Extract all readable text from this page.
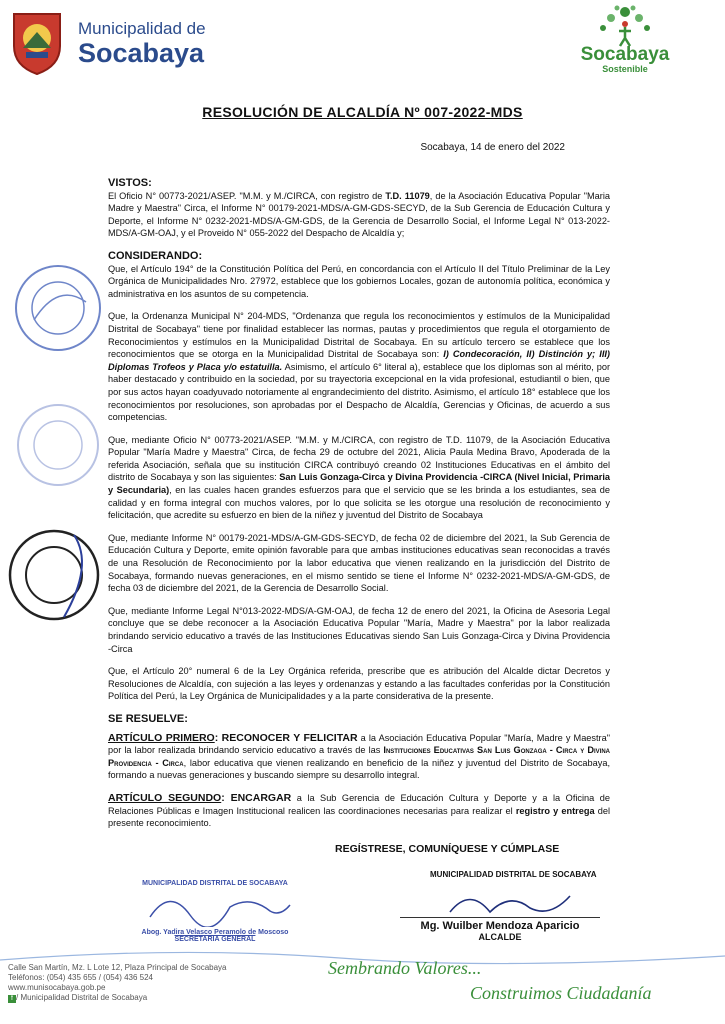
Municipalidad de
Socabaya	Socabaya
Sostenible
RESOLUCIÓN DE ALCALDÍA Nº 007-2022-MDS
Socabaya, 14 de enero del 2022

VISTOS:
El Oficio N° 00773-2021/ASEP. "M.M. y M./CIRCA, con registro de T.D. 11079, de la Asociación Educativa Popular "Maria Madre y Maestra" Circa, el Informe N° 00179-2021-MDS/A-GM-GDS-SECYD, de la Sub Gerencia de Educación Cultura y Deporte, el Informe N° 0232-2021-MDS/A-GM-GDS, de la Gerencia de Desarrollo Social, el Informe Legal N° 013-2022-MDS/A-GM-OAJ, y el Proveido N° 055-2022 del Despacho de Alcaldía y;

CONSIDERANDO:
Que, el Artículo 194° de la Constitución Política del Perú, en concordancia con el Artículo II del Título Preliminar de la Ley Orgánica de Municipalidades Nro. 27972, establece que los gobiernos Locales, gozan de autonomía política, económica y administrativa en los asuntos de su competencia.

Que, la Ordenanza Municipal N° 204-MDS, "Ordenanza que regula los reconocimientos y estímulos de la Municipalidad Distrital de Socabaya" tiene por finalidad establecer las normas, pautas y procedimientos que regula el otorgamiento de Reconocimientos y estímulos en la Municipalidad Distrital de Socabaya. En su artículo tercero se establece que los reconocimientos que se otorga en la Municipalidad Distrital de Socabaya son: I) Condecoración, II) Distinción y; III) Diplomas Trofeos y Placa y/o estatuilla. Asimismo, el artículo 6° literal a), establece que los diplomas son al mérito, por haber destacado y contribuido en la sociedad, por su trayectoria excepcional en la vida profesional, estudiantil o bien, que por sus actos hayan coadyuvado notoriamente al engrandecimiento del distrito. Asimismo, el artículo 18° establece que los reconocimientos por resoluciones, son aprobadas por el Despacho de Alcaldía, Gerencias y Oficinas, de acuerdo a sus competencias.

Que, mediante Oficio N° 00773-2021/ASEP. "M.M. y M./CIRCA, con registro de T.D. 11079, de la Asociación Educativa Popular "María Madre y Maestra" Circa, de fecha 29 de octubre del 2021, Alicia Paula Medina Bravo, Apoderada de la referida Asociación, señala que su institución CIRCA contribuyó creando 02 Instituciones Educativas en el ámbito del distrito de Socabaya y son las siguientes: San Luis Gonzaga-Circa y Divina Providencia -CIRCA (Nivel Inicial, Primaria y Secundaria), en las cuales hacen grandes esfuerzos para que el servicio que se les brinda a los estudiantes, sea de calidad y en forma integral con muchos valores, por lo que solicita se les otorgue una resolución de reconocimiento y felicitación, que acredite su esfuerzo en bien de la niñez y juventud del Distrito de Socabaya

Que, mediante Informe N° 00179-2021-MDS/A-GM-GDS-SECYD, de fecha 02 de diciembre del 2021, la Sub Gerencia de Educación Cultura y Deporte, emite opinión favorable para que ambas instituciones educativas sean reconocidas a través de una Resolución de Reconocimiento por la labor educativa que vienen realizando en la jurisdicción del Distrito de Socabaya, formando nuevas generaciones, en el mismo sentido se tiene el Informe N° 0232-2021-MDS/A-GM-GDS, de fecha 03 de diciembre del 2021, de la Gerencia de Desarrollo Social.

Que, mediante Informe Legal N°013-2022-MDS/A-GM-OAJ, de fecha 12 de enero del 2021, la Oficina de Asesoria Legal concluye que se debe reconocer a la Asociación Educativa Popular "María, Madre y Maestra" por la labor realizada brindando servicio educativo a través de las Instituciones Educativas siendo San Luis Gonzaga-Circa y Divina Providencia -Circa

Que, el Artículo 20° numeral 6 de la Ley Orgánica referida, prescribe que es atribución del Alcalde dictar Decretos y Resoluciones de Alcaldía, con sujeción a las leyes y ordenanzas y estando a las facultades conferidas por la Constitución Política del Perú, la Ley Orgánica de Municipalidades y a la parte considerativa de la presente.

SE RESUELVE:

ARTÍCULO PRIMERO: RECONOCER Y FELICITAR a la Asociación Educativa Popular "María, Madre y Maestra" por la labor realizada brindando servicio educativo a través de las Instituciones Educativas San Luis Gonzaga - Circa y Divina Providencia - Circa, labor educativa que vienen realizando en beneficio de la niñez y juventud del Distrito de Socabaya, formando a nuevas generaciones y buscando siempre su desarrollo integral.

ARTÍCULO SEGUNDO: ENCARGAR a la Sub Gerencia de Educación Cultura y Deporte y a la Oficina de Relaciones Públicas e Imagen Institucional realicen las coordinaciones necesarias para realizar el registro y entrega del presente reconocimiento.

REGÍSTRESE, COMUNÍQUESE Y CÚMPLASE
MUNICIPALIDAD DISTRITAL DE SOCABAYA
Abog. Yadira Velasco Peramolo de Moscoso
SECRETARIA GENERAL
MUNICIPALIDAD DISTRITAL DE SOCABAYA
Mg. Wuilber Mendoza Aparicio
ALCALDE
Calle San Martín, Mz. L Lote 12, Plaza Principal de Socabaya
Teléfonos: (054) 435 655 / (054) 436 524
www.munisocabaya.gob.pe
f / Municipalidad Distrital de Socabaya
Sembrando Valores...
Construimos Ciudadanía
